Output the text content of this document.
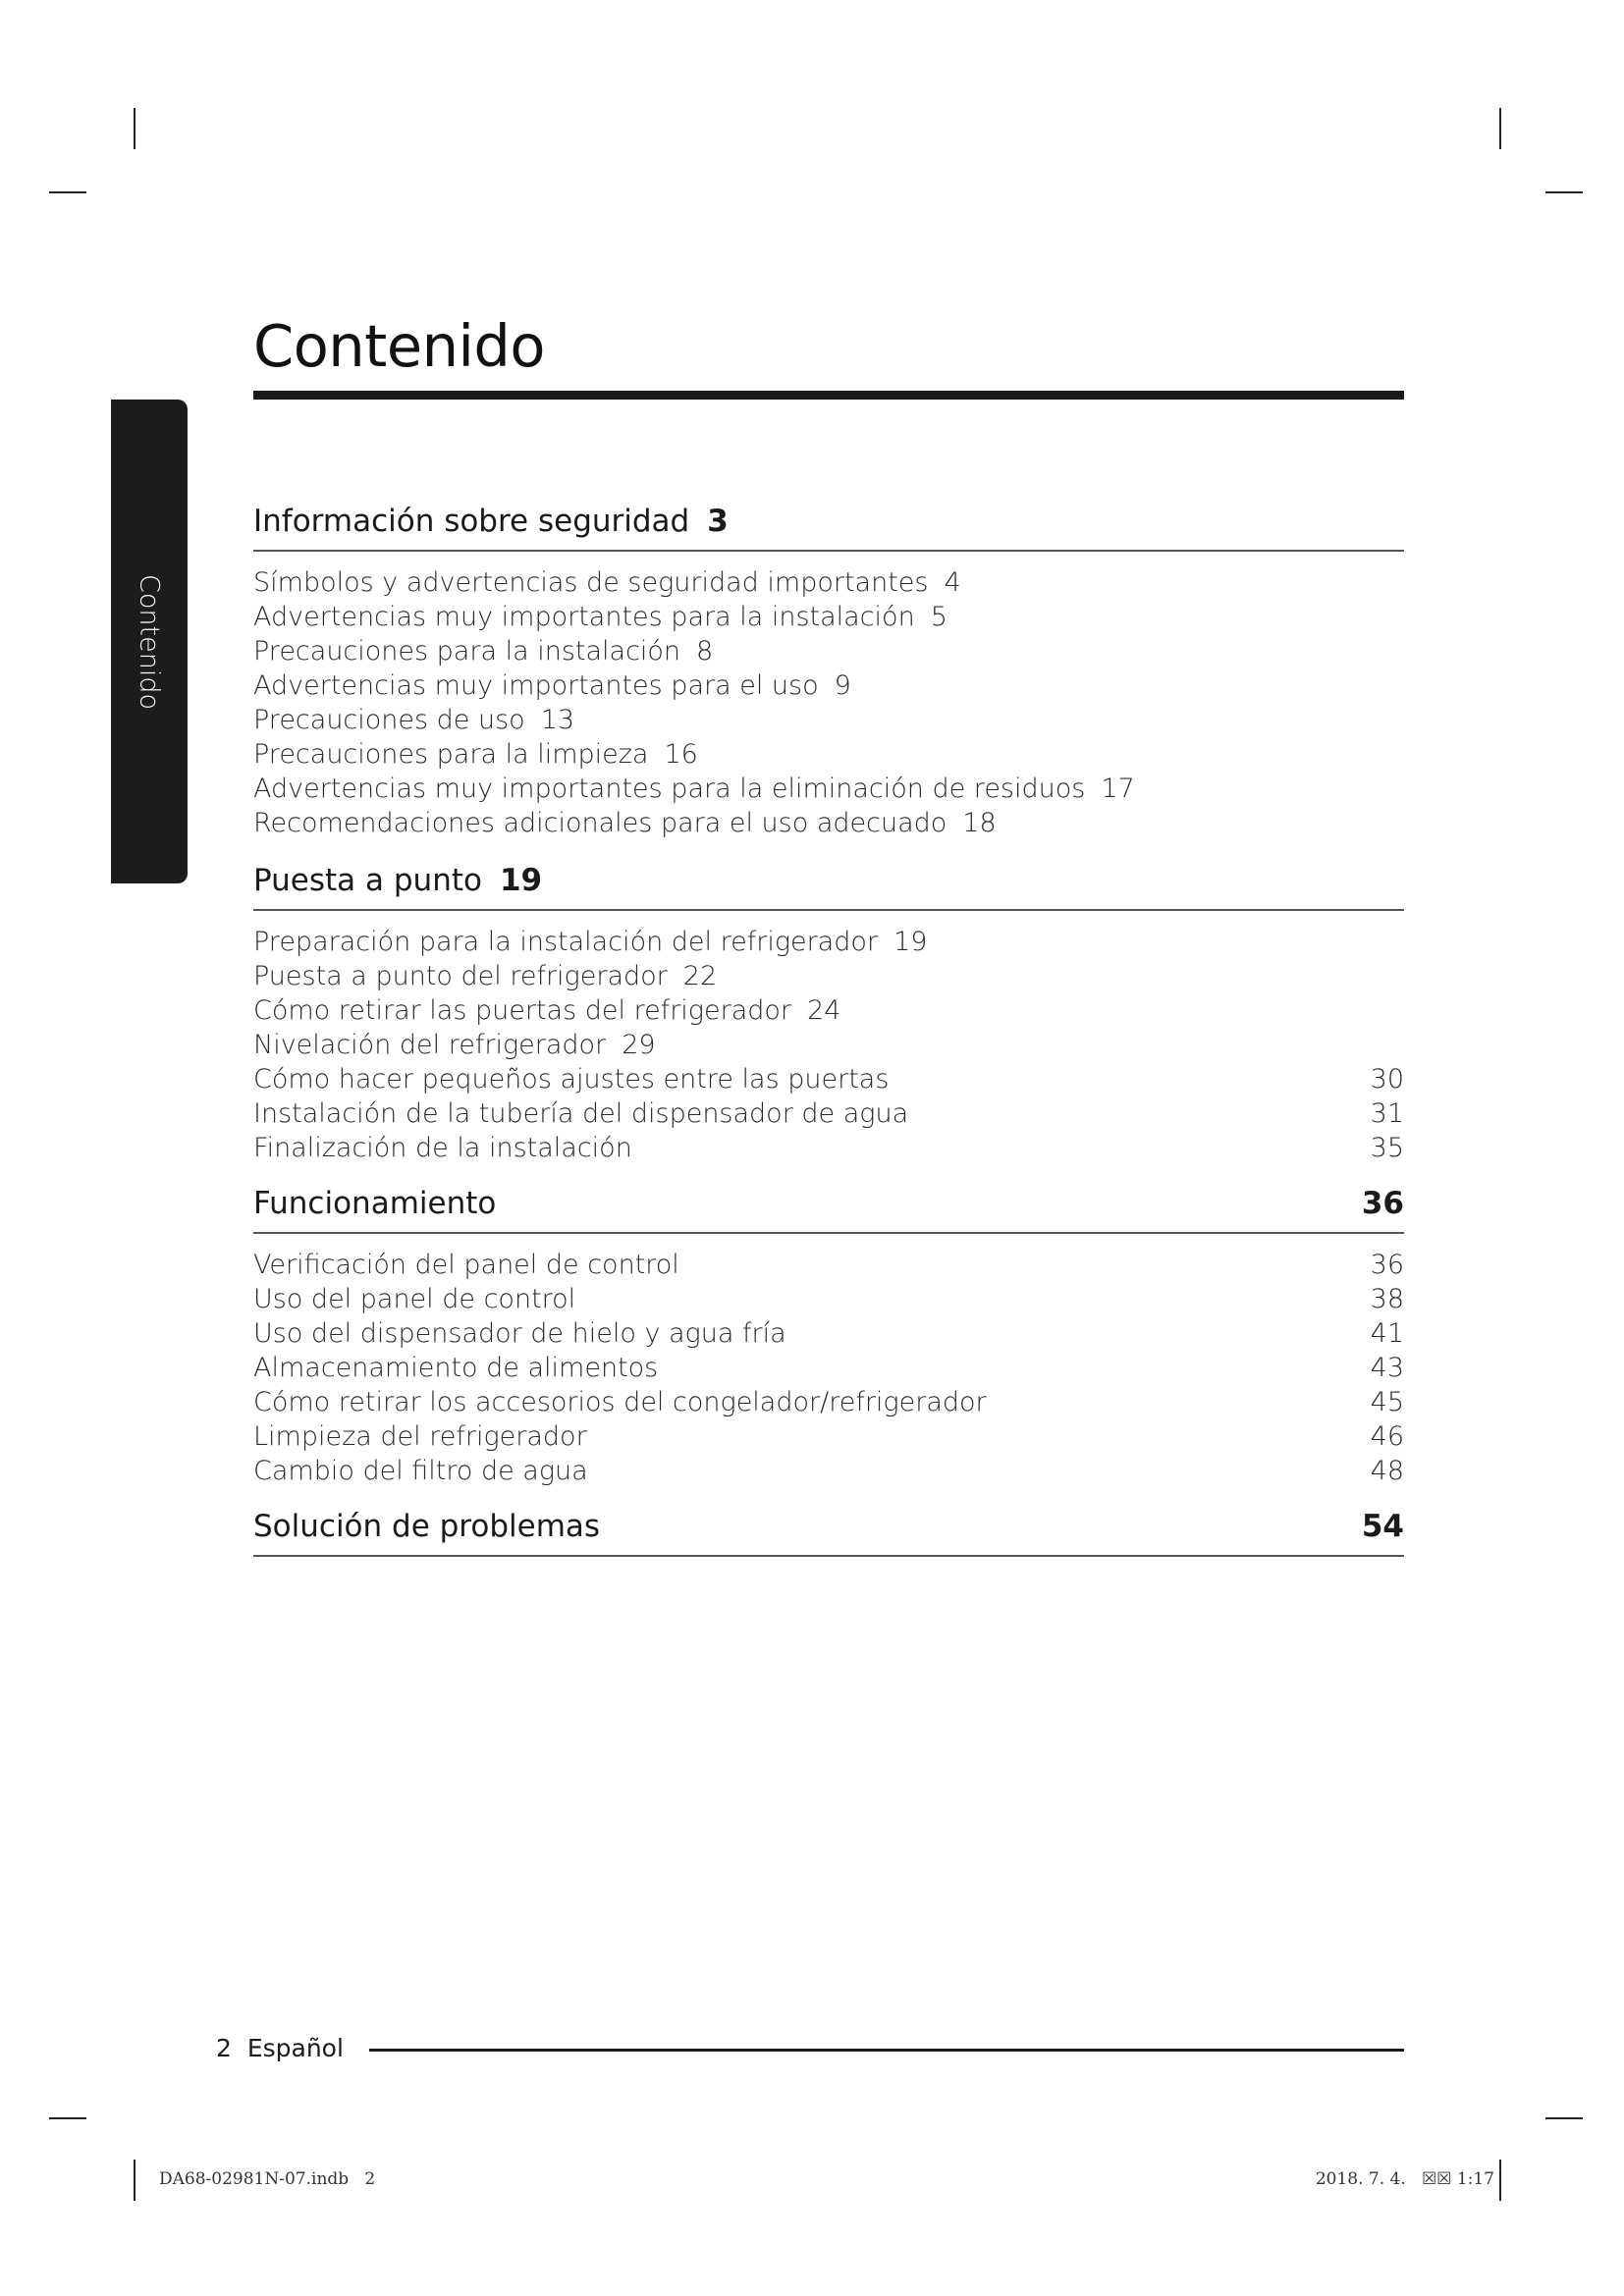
Contenido
Contenido
Información sobre seguridad 3
Símbolos y advertencias de seguridad importantes 4
Advertencias muy importantes para la instalación 5
Precauciones para la instalación 8
Advertencias muy importantes para el uso 9
Precauciones de uso 13
Precauciones para la limpieza 16
Advertencias muy importantes para la eliminación de residuos 17
Recomendaciones adicionales para el uso adecuado 18
Puesta a punto 19
Preparación para la instalación del refrigerador 19
Puesta a punto del refrigerador 22
Cómo retirar las puertas del refrigerador 24
Nivelación del refrigerador 29
Cómo hacer pequeños ajustes entre las puertas	30
Instalación de la tubería del dispensador de agua	31
Finalización de la instalación	35
Funcionamiento	36
Verificación del panel de control	36
Uso del panel de control	38
Uso del dispensador de hielo y agua fría	41
Almacenamiento de alimentos	43
Cómo retirar los accesorios del congelador/refrigerador	45
Limpieza del refrigerador	46
Cambio del filtro de agua	48
Solución de problemas	54
2 Español
DA68-02981N-07.indb   2	2018. 7. 4.   ☒☒ 1:17
